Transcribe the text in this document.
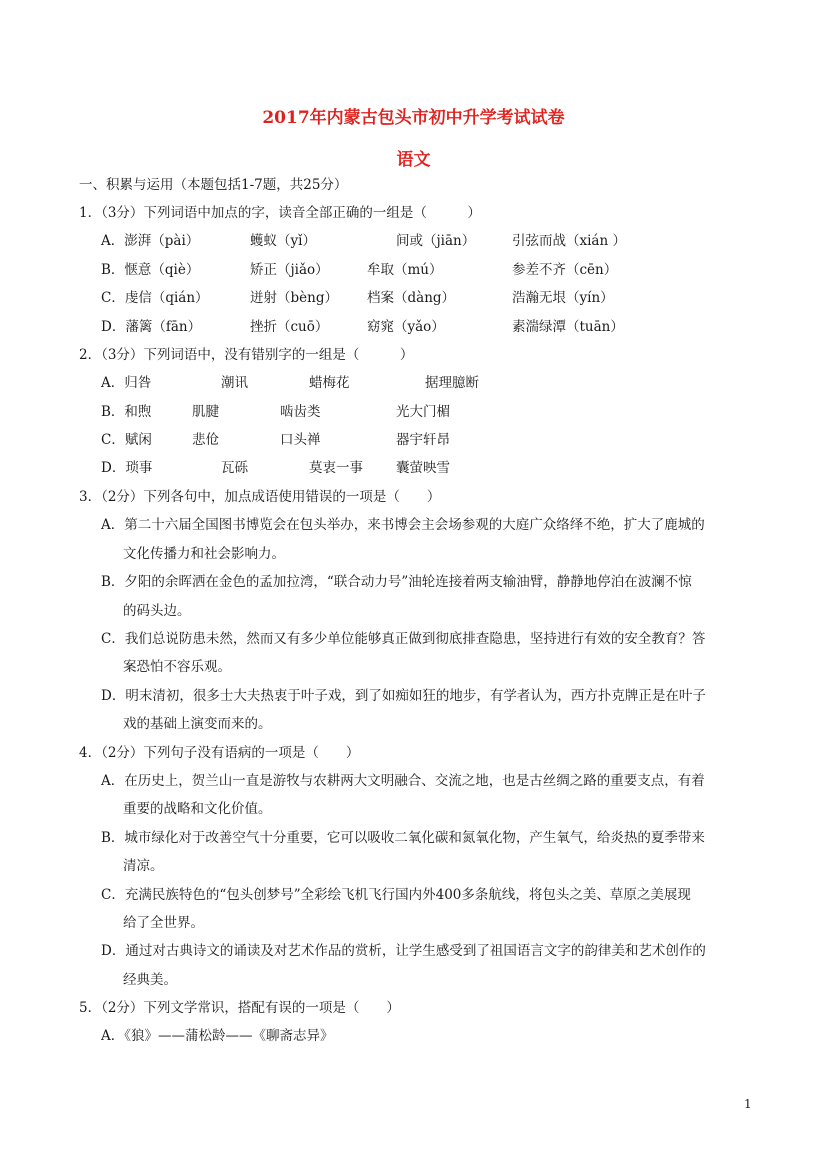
2017年内蒙古包头市初中升学考试试卷
语文
一、积累与运用（本题包括1-7题，共25分）
1．（3分）下列词语中加点的字，读音全部正确的一组是（　　　）
A．澎湃（pài）	蠖蚁（yǐ）	间或（jiān）	引弦而战（xián ）
B．惬意（qiè）	矫正（jiǎo）	牟取（mú）	参差不齐（cēn）
C．虔信（qián）	迸射（bèng） 档案（dàng）	浩瀚无垠（yín）
D．藩篱（fān）	挫折（cuō）	窈窕（yǎo）	素湍绿潭（tuān）
2．（3分）下列词语中，没有错别字的一组是（　　　）
A．归咎	潮讯	蜡梅花	据理臆断
B．和煦	肌腱	啮齿类	光大门楣
C．赋闲	悲伧	口头禅	器宇轩昂
D．琐事	瓦砾	莫衷一事 囊萤映雪
3．（2分）下列各句中，加点成语使用错误的一项是（　　）
A．第二十六届全国图书博览会在包头举办，来书博会主会场参观的大庭广众络绎不绝，扩大了鹿城的
文化传播力和社会影响力。
B．夕阳的余晖洒在金色的孟加拉湾，“联合动力号”油轮连接着两支输油臂，静静地停泊在波澜不惊
的码头边。
C．我们总说防患未然，然而又有多少单位能够真正做到彻底排查隐患，坚持进行有效的安全教育？答
案恐怕不容乐观。
D．明末清初，很多士大夫热衷于叶子戏，到了如痴如狂的地步，有学者认为，西方扑克牌正是在叶子
戏的基础上演变而来的。
4．（2分）下列句子没有语病的一项是（　　）
A．在历史上，贺兰山一直是游牧与农耕两大文明融合、交流之地，也是古丝绸之路的重要支点，有着
重要的战略和文化价值。
B．城市绿化对于改善空气十分重要，它可以吸收二氧化碳和氮氧化物，产生氧气，给炎热的夏季带来
清凉。
C．充满民族特色的“包头创梦号”全彩绘飞机飞行国内外400多条航线，将包头之美、草原之美展现
给了全世界。
D．通过对古典诗文的诵读及对艺术作品的赏析，让学生感受到了祖国语言文字的韵律美和艺术创作的
经典美。
5．（2分）下列文学常识，搭配有误的一项是（　　）
A．《狼》——蒲松龄——《聊斋志异》
1
